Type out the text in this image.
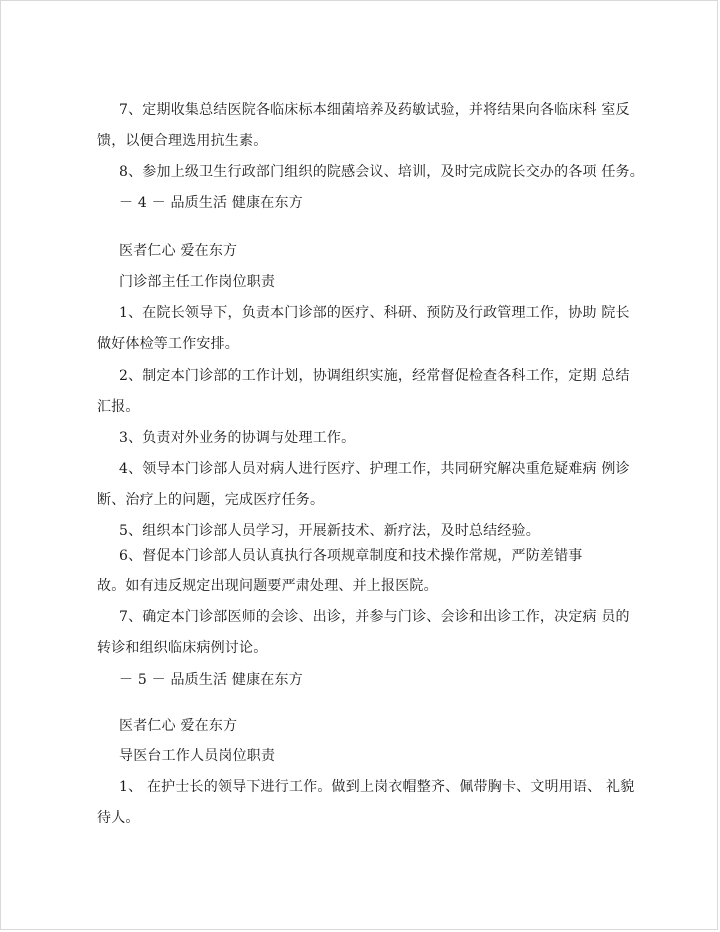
7、定期收集总结医院各临床标本细菌培养及药敏试验，并将结果向各临床科 室反
馈，以便合理选用抗生素。
8、参加上级卫生行政部门组织的院感会议、培训，及时完成院长交办的各项 任务。
－ 4 － 品质生活 健康在东方
医者仁心 爱在东方
门诊部主任工作岗位职责
1、在院长领导下，负责本门诊部的医疗、科研、预防及行政管理工作，协助 院长
做好体检等工作安排。
2、制定本门诊部的工作计划，协调组织实施，经常督促检查各科工作，定期 总结
汇报。
3、负责对外业务的协调与处理工作。
4、领导本门诊部人员对病人进行医疗、护理工作，共同研究解决重危疑难病 例诊
断、治疗上的问题，完成医疗任务。
5、组织本门诊部人员学习，开展新技术、新疗法，及时总结经验。
6、督促本门诊部人员认真执行各项规章制度和技术操作常规，严防差错事
故。如有违反规定出现问题要严肃处理、并上报医院。
7、确定本门诊部医师的会诊、出诊，并参与门诊、会诊和出诊工作，决定病 员的
转诊和组织临床病例讨论。
－ 5 － 品质生活 健康在东方
医者仁心 爱在东方
导医台工作人员岗位职责
1、 在护士长的领导下进行工作。做到上岗衣帽整齐、佩带胸卡、文明用语、 礼貌
待人。
